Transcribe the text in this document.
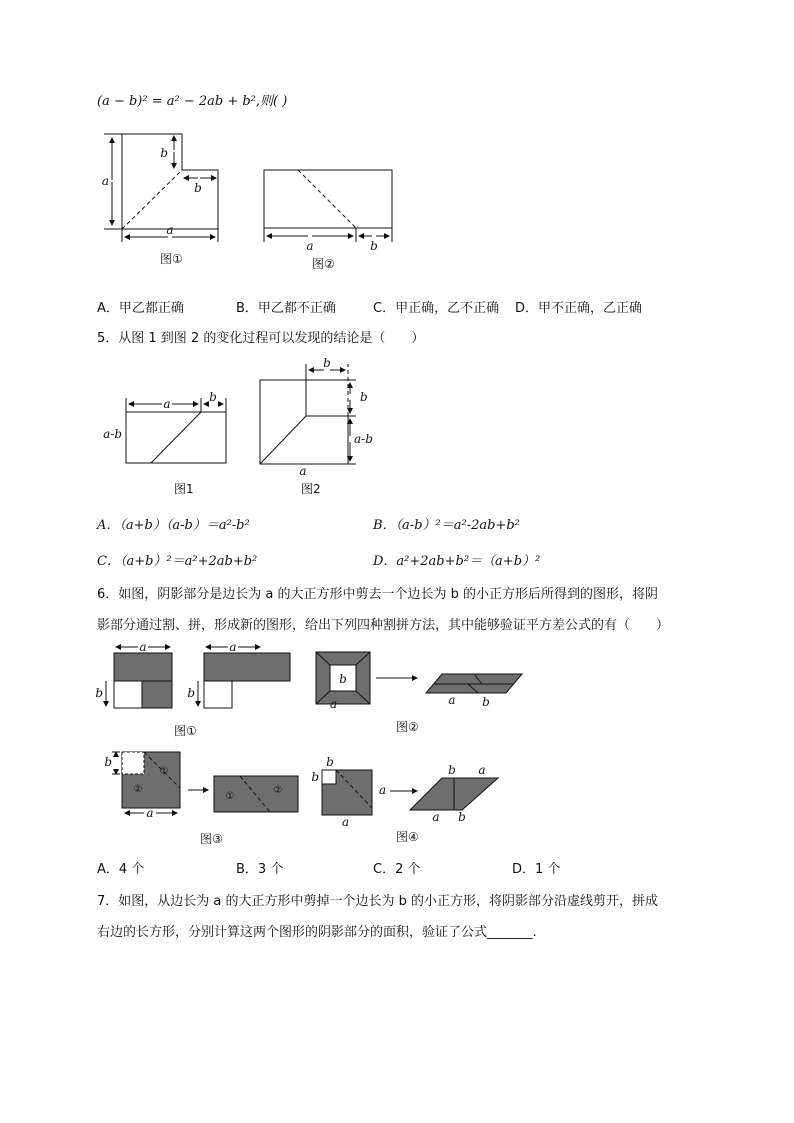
(a − b)² = a² − 2ab + b²,则( )
a
b
b
a
图①
a	b
图②
A．甲乙都正确	B．甲乙都不正确	C．甲正确，乙不正确 D．甲不正确，乙正确
5．从图 1 到图 2 的变化过程可以发现的结论是（　　）
a	b
a-b
图1
b
b
a-b
a
图2
A．（a+b）（a-b）＝a²-b²	B．（a-b）²＝a²-2ab+b²
C．（a+b）²＝a²+2ab+b²	D．a²+2ab+b²＝（a+b）²
6．如图，阴影部分是边长为 a 的大正方形中剪去一个边长为 b 的小正方形后所得到的图形，将阴
影部分通过割、拼，形成新的图形，给出下列四种割拼方法，其中能够验证平方差公式的有（　　）
a
b
a
b
图①
b
a b
a
图②
①
②
b
a
①
②
图③
b
b
a
b a
a b
a
图④
A．4 个	B．3 个	C．2 个	D．1 个
7．如图，从边长为 a 的大正方形中剪掉一个边长为 b 的小正方形，将阴影部分沿虚线剪开，拼成
右边的长方形，分别计算这两个图形的阴影部分的面积，验证了公式_______.
